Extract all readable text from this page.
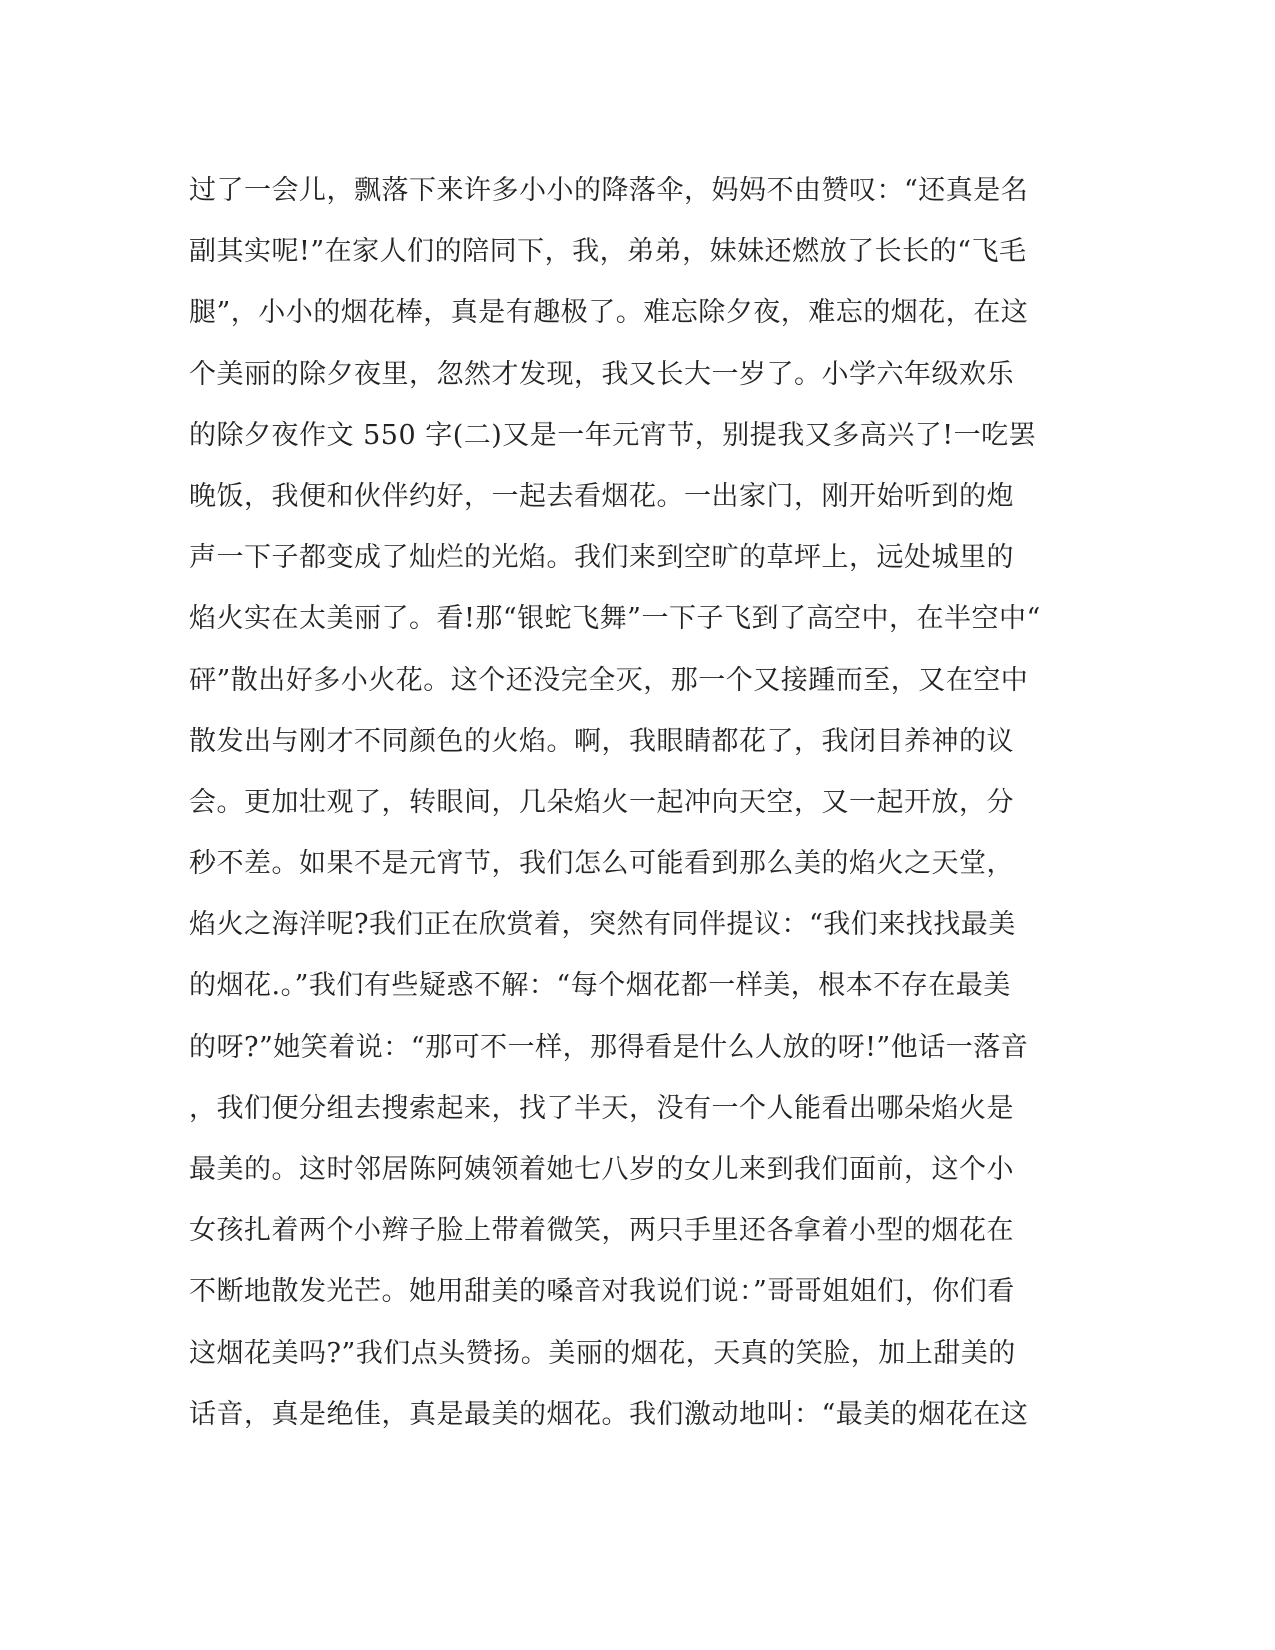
过了一会儿，飘落下来许多小小的降落伞，妈妈不由赞叹：“还真是名
副其实呢!”在家人们的陪同下，我，弟弟，妹妹还燃放了长长的“飞毛
腿”，小小的烟花棒，真是有趣极了。难忘除夕夜，难忘的烟花，在这
个美丽的除夕夜里，忽然才发现，我又长大一岁了。小学六年级欢乐
的除夕夜作文 550 字(二)又是一年元宵节，别提我又多高兴了!一吃罢
晚饭，我便和伙伴约好，一起去看烟花。一出家门，刚开始听到的炮
声一下子都变成了灿烂的光焰。我们来到空旷的草坪上，远处城里的
焰火实在太美丽了。看!那“银蛇飞舞”一下子飞到了高空中，在半空中“
砰”散出好多小火花。这个还没完全灭，那一个又接踵而至，又在空中
散发出与刚才不同颜色的火焰。啊，我眼睛都花了，我闭目养神的议
会。更加壮观了，转眼间，几朵焰火一起冲向天空，又一起开放，分
秒不差。如果不是元宵节，我们怎么可能看到那么美的焰火之天堂，
焰火之海洋呢?我们正在欣赏着，突然有同伴提议：“我们来找找最美
的烟花.。”我们有些疑惑不解：“每个烟花都一样美，根本不存在最美
的呀?”她笑着说：“那可不一样，那得看是什么人放的呀!”他话一落音
，我们便分组去搜索起来，找了半天，没有一个人能看出哪朵焰火是
最美的。这时邻居陈阿姨领着她七八岁的女儿来到我们面前，这个小
女孩扎着两个小辫子脸上带着微笑，两只手里还各拿着小型的烟花在
不断地散发光芒。她用甜美的嗓音对我说们说：”哥哥姐姐们，你们看
这烟花美吗?”我们点头赞扬。美丽的烟花，天真的笑脸，加上甜美的
话音，真是绝佳，真是最美的烟花。我们激动地叫：“最美的烟花在这
